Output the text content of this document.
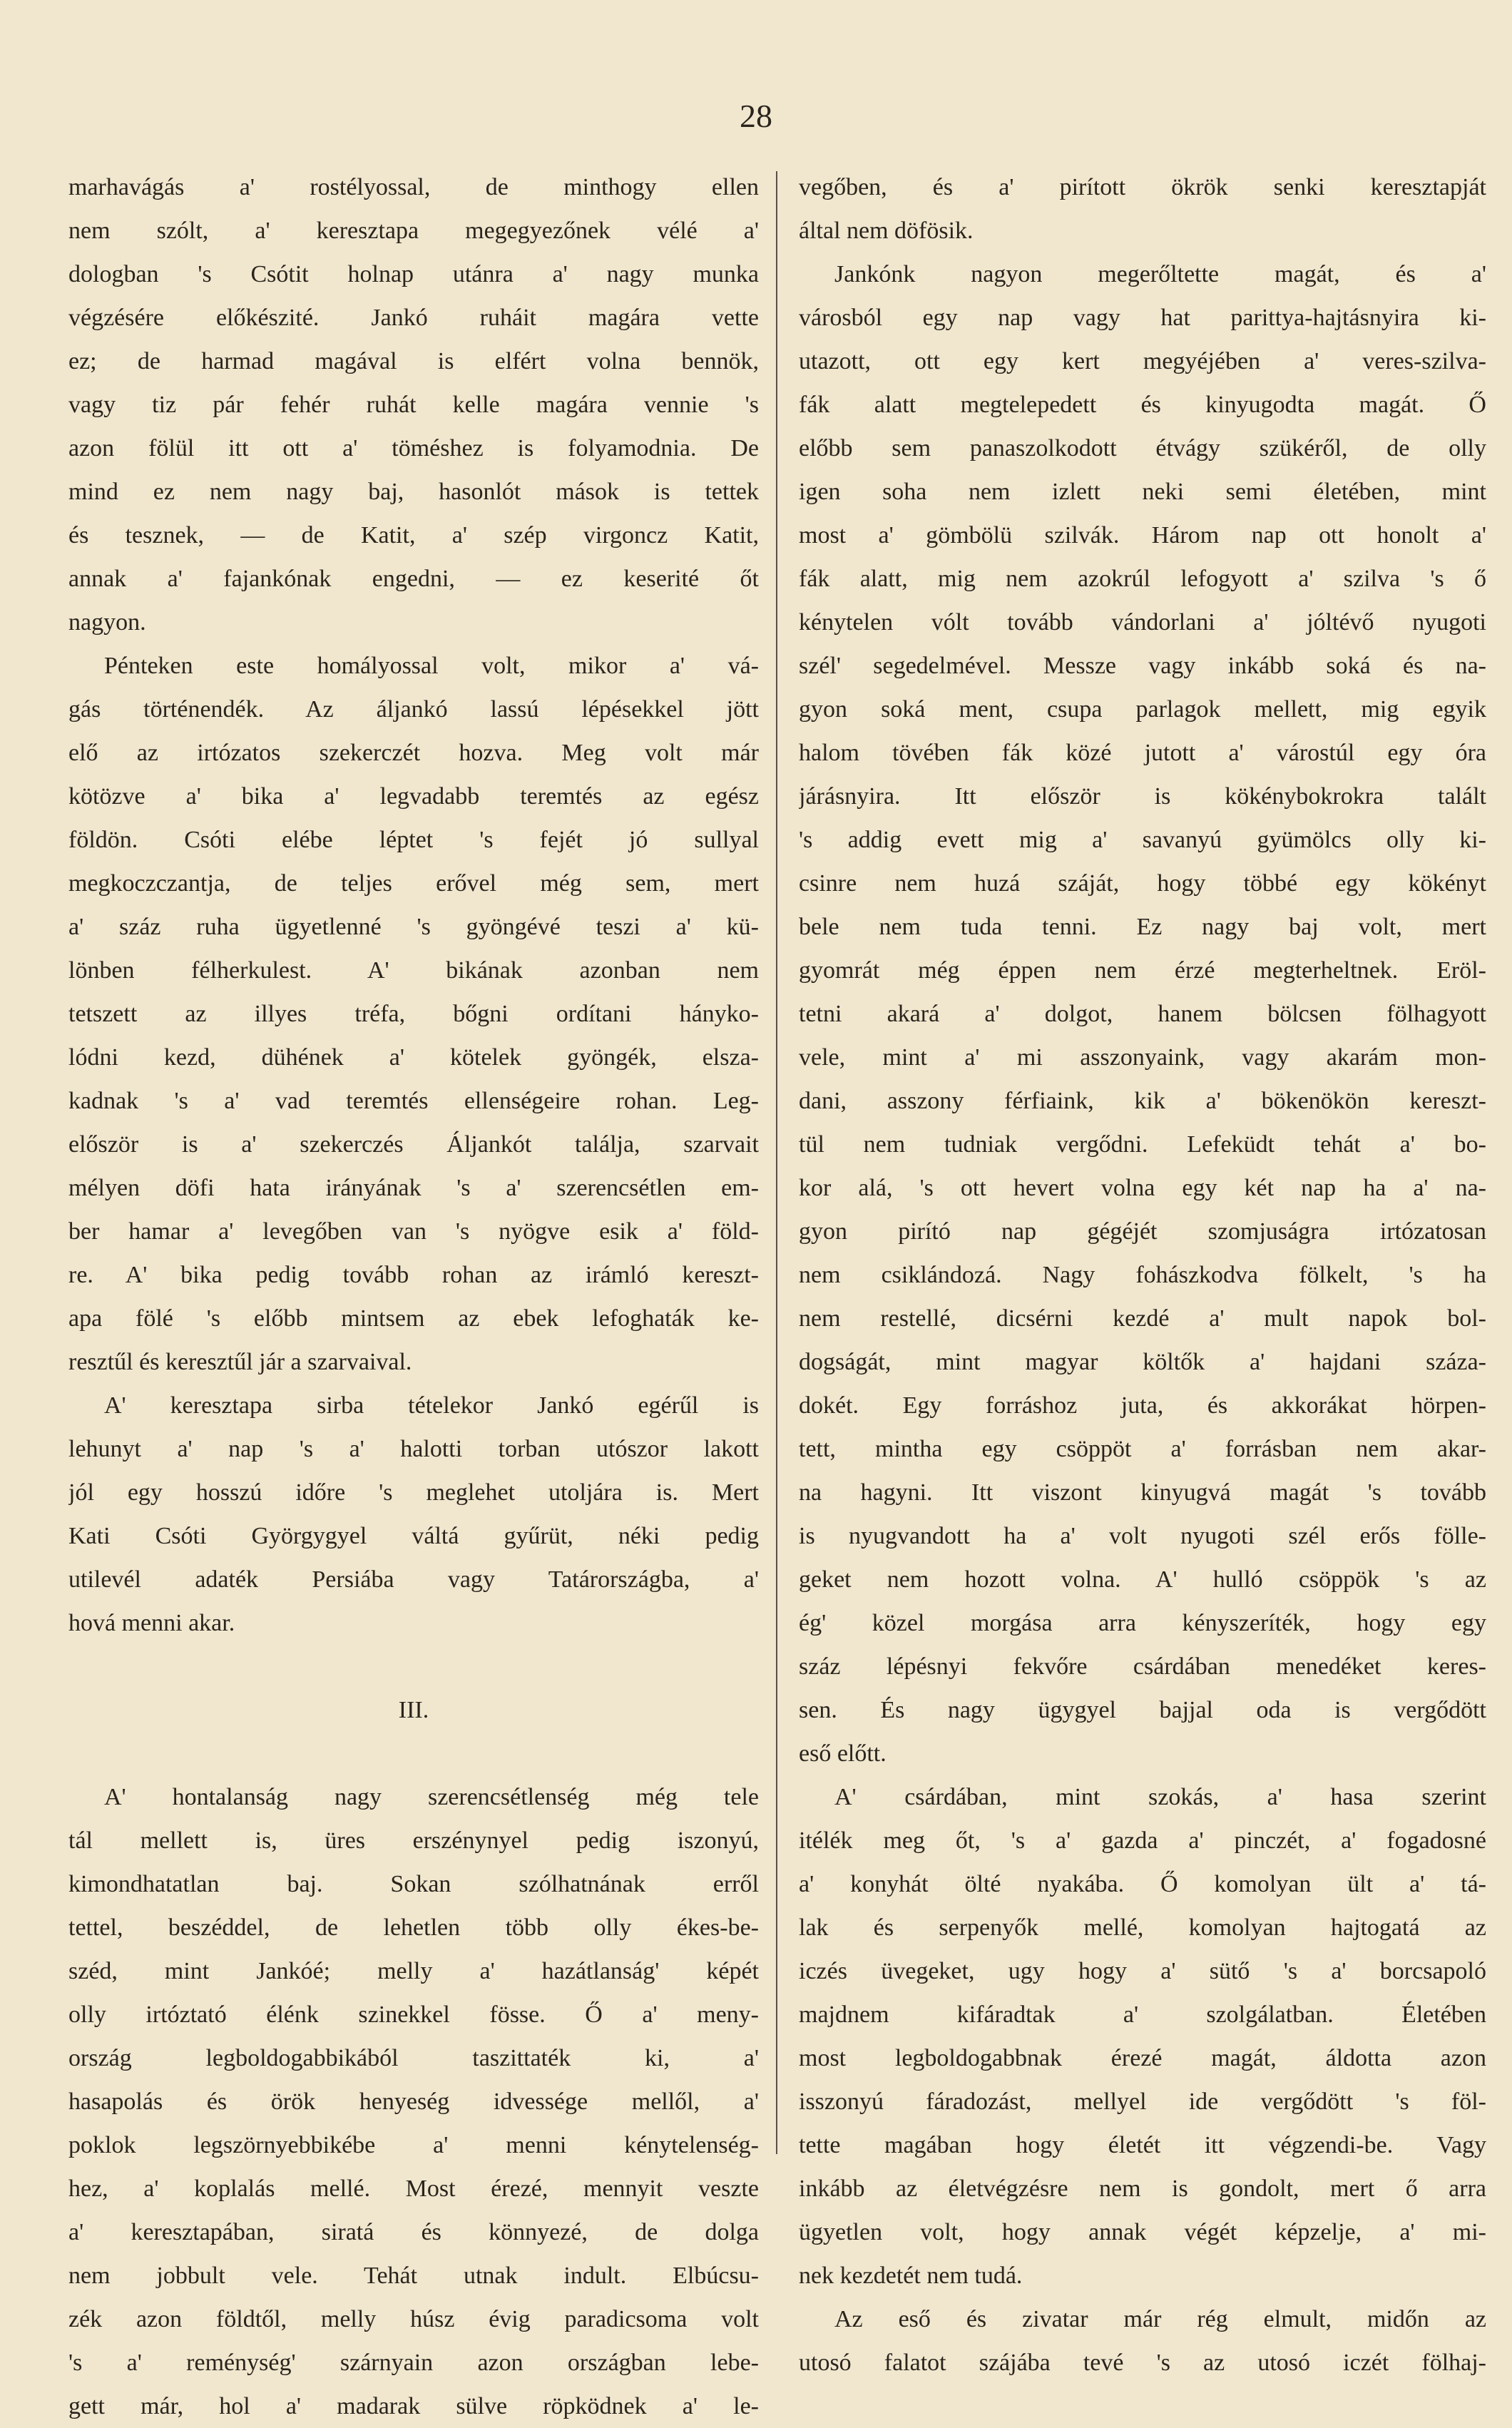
28
marhavágás a' rostélyossal, de minthogy ellen
nem szólt, a' keresztapa megegyezőnek vélé a'
dologban 's Csótit holnap utánra a' nagy munka
végzésére előkészité. Jankó ruháit magára vette
ez; de harmad magával is elfért volna bennök,
vagy tiz pár fehér ruhát kelle magára vennie 's
azon fölül itt ott a' töméshez is folyamodnia. De
mind ez nem nagy baj, hasonlót mások is tettek
és tesznek, — de Katit, a' szép virgoncz Katit,
annak a' fajankónak engedni, — ez keserité őt
nagyon.
Pénteken este homályossal volt, mikor a' vá-
gás történendék. Az áljankó lassú lépésekkel jött
elő az irtózatos szekerczét hozva. Meg volt már
kötözve a' bika a' legvadabb teremtés az egész
földön. Csóti elébe léptet 's fejét jó sullyal
megkoczczantja, de teljes erővel még sem, mert
a' száz ruha ügyetlenné 's gyöngévé teszi a' kü-
lönben félherkulest. A' bikának azonban nem
tetszett az illyes tréfa, bőgni ordítani hányko-
lódni kezd, dühének a' kötelek gyöngék, elsza-
kadnak 's a' vad teremtés ellenségeire rohan. Leg-
először is a' szekerczés Áljankót találja, szarvait
mélyen döfi hata irányának 's a' szerencsétlen em-
ber hamar a' levegőben van 's nyögve esik a' föld-
re. A' bika pedig tovább rohan az irámló kereszt-
apa fölé 's előbb mintsem az ebek lefoghaták ke-
resztűl és keresztűl jár a szarvaival.
A' keresztapa sirba tételekor Jankó egérűl is
lehunyt a' nap 's a' halotti torban utószor lakott
jól egy hosszú időre 's meglehet utoljára is. Mert
Kati Csóti Györgygyel váltá gyűrüt, néki pedig
utilevél adaték Persiába vagy Tatárországba, a'
hová menni akar.
III.
A' hontalanság nagy szerencsétlenség még tele
tál mellett is, üres erszénynyel pedig iszonyú,
kimondhatatlan baj. Sokan szólhatnának erről
tettel, beszéddel, de lehetlen több olly ékes-be-
széd, mint Jankóé; melly a' hazátlanság' képét
olly irtóztató élénk szinekkel fösse. Ő a' meny-
ország legboldogabbikából taszittaték ki, a'
hasapolás és örök henyeség idvessége mellől, a'
poklok legszörnyebbikébe a' menni kénytelenség-
hez, a' koplalás mellé. Most érezé, mennyit veszte
a' keresztapában, siratá és könnyezé, de dolga
nem jobbult vele. Tehát utnak indult. Elbúcsu-
zék azon földtől, melly húsz évig paradicsoma volt
's a' reménység' szárnyain azon országban lebe-
gett már, hol a' madarak sülve röpködnek a' le-
vegőben, és a' pirított ökrök senki keresztapját
által nem döfösik.
Jankónk nagyon megerőltette magát, és a'
városból egy nap vagy hat parittya-hajtásnyira ki-
utazott, ott egy kert megyéjében a' veres-szilva-
fák alatt megtelepedett és kinyugodta magát. Ő
előbb sem panaszolkodott étvágy szükéről, de olly
igen soha nem izlett neki semi életében, mint
most a' gömbölü szilvák. Három nap ott honolt a'
fák alatt, mig nem azokrúl lefogyott a' szilva 's ő
kénytelen vólt tovább vándorlani a' jóltévő nyugoti
szél' segedelmével. Messze vagy inkább soká és na-
gyon soká ment, csupa parlagok mellett, mig egyik
halom tövében fák közé jutott a' várostúl egy óra
járásnyira. Itt először is kökénybokrokra talált
's addig evett mig a' savanyú gyümölcs olly ki-
csinre nem huzá száját, hogy többé egy kökényt
bele nem tuda tenni. Ez nagy baj volt, mert
gyomrát még éppen nem érzé megterheltnek. Eröl-
tetni akará a' dolgot, hanem bölcsen fölhagyott
vele, mint a' mi asszonyaink, vagy akarám mon-
dani, asszony férfiaink, kik a' bökenökön kereszt-
tül nem tudniak vergődni. Lefeküdt tehát a' bo-
kor alá, 's ott hevert volna egy két nap ha a' na-
gyon pirító nap gégéjét szomjuságra irtózatosan
nem csiklándozá. Nagy fohászkodva fölkelt, 's ha
nem restellé, dicsérni kezdé a' mult napok bol-
dogságát, mint magyar költők a' hajdani száza-
dokét. Egy forráshoz juta, és akkorákat hörpen-
tett, mintha egy csöppöt a' forrásban nem akar-
na hagyni. Itt viszont kinyugvá magát 's tovább
is nyugvandott ha a' volt nyugoti szél erős fölle-
geket nem hozott volna. A' hulló csöppök 's az
ég' közel morgása arra kényszeríték, hogy egy
száz lépésnyi fekvőre csárdában menedéket keres-
sen. És nagy ügygyel bajjal oda is vergődött
eső előtt.
A' csárdában, mint szokás, a' hasa szerint
itélék meg őt, 's a' gazda a' pinczét, a' fogadosné
a' konyhát ölté nyakába. Ő komolyan ült a' tá-
lak és serpenyők mellé, komolyan hajtogatá az
iczés üvegeket, ugy hogy a' sütő 's a' borcsapoló
majdnem kifáradtak a' szolgálatban. Életében
most legboldogabbnak érezé magát, áldotta azon
isszonyú fáradozást, mellyel ide vergődött 's föl-
tette magában hogy életét itt végzendi-be. Vagy
inkább az életvégzésre nem is gondolt, mert ő arra
ügyetlen volt, hogy annak végét képzelje, a' mi-
nek kezdetét nem tudá.
Az eső és zivatar már rég elmult, midőn az
utosó falatot szájába tevé 's az utosó iczét fölhaj-
